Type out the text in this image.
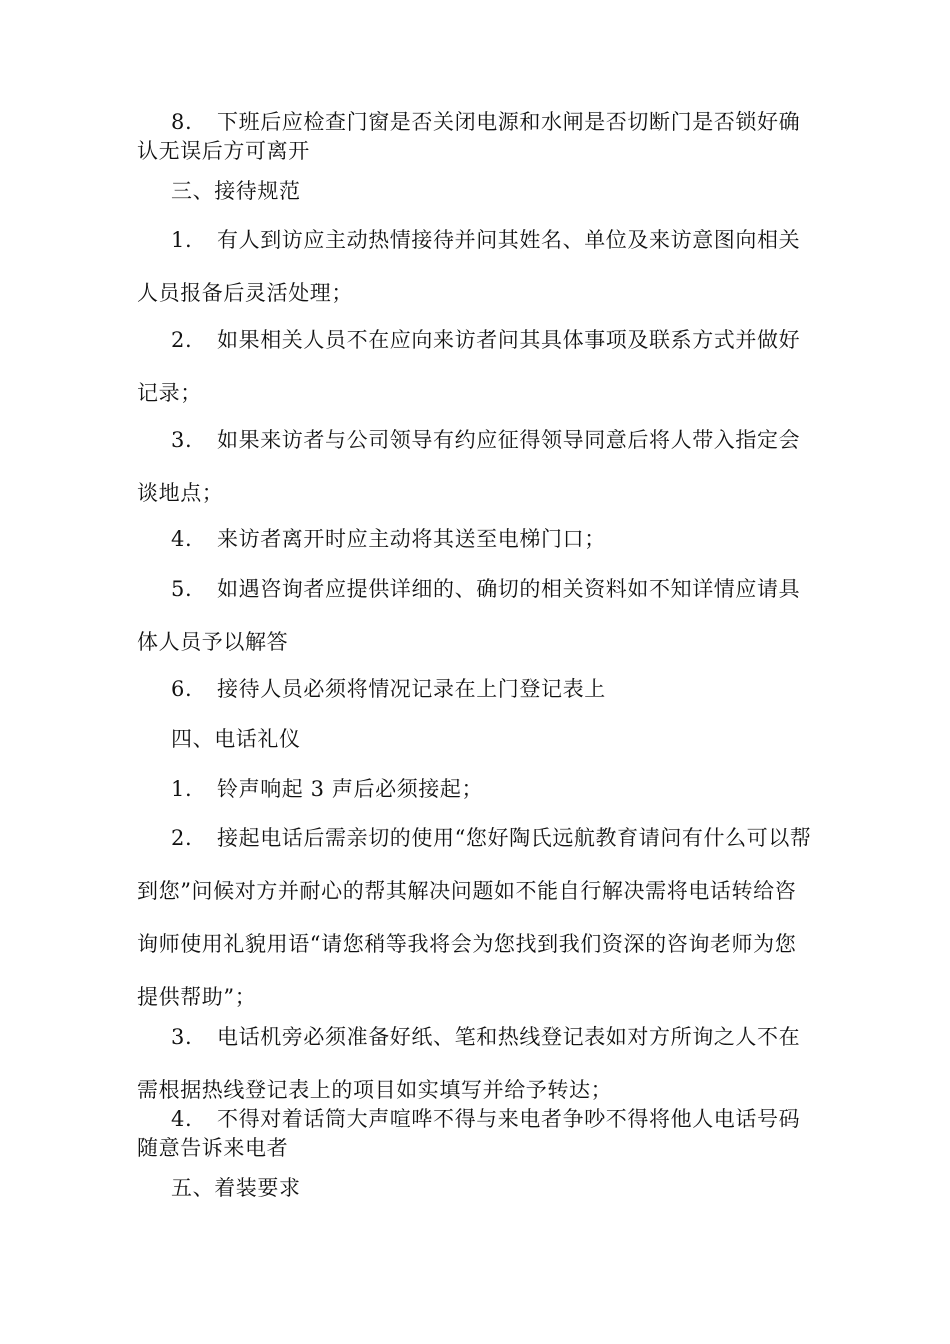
8. 下班后应检查门窗是否关闭电源和水闸是否切断门是否锁好确认无误后方可离开

三、接待规范

1. 有人到访应主动热情接待并问其姓名、单位及来访意图向相关人员报备后灵活处理；

2. 如果相关人员不在应向来访者问其具体事项及联系方式并做好记录；

3. 如果来访者与公司领导有约应征得领导同意后将人带入指定会谈地点；

4. 来访者离开时应主动将其送至电梯门口；

5. 如遇咨询者应提供详细的、确切的相关资料如不知详情应请具体人员予以解答

6. 接待人员必须将情况记录在上门登记表上

四、电话礼仪

1. 铃声响起 3 声后必须接起；

2. 接起电话后需亲切的使用“您好陶氏远航教育请问有什么可以帮到您”问候对方并耐心的帮其解决问题如不能自行解决需将电话转给咨询师使用礼貌用语“请您稍等我将会为您找到我们资深的咨询老师为您提供帮助”；

3. 电话机旁必须准备好纸、笔和热线登记表如对方所询之人不在需根据热线登记表上的项目如实填写并给予转达；

4. 不得对着话筒大声喧哗不得与来电者争吵不得将他人电话号码随意告诉来电者

五、着装要求
